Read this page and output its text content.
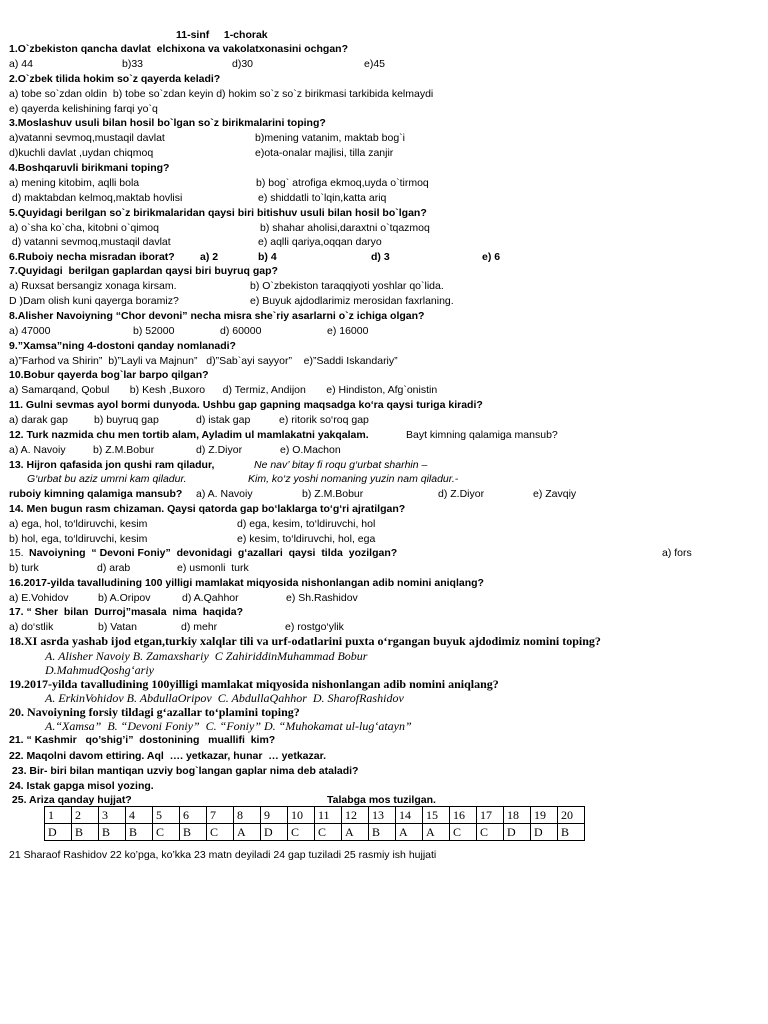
11-sinf     1-chorak
1.O`zbekiston qancha davlat  elchixona va vakolatxonasini ochgan?
a) 44	b)33	d)30	e)45
2.O`zbek tilida hokim so`z qayerda keladi?
a) tobe so`zdan oldin  b) tobe so`zdan keyin d) hokim so`z so`z birikmasi tarkibida kelmaydi
e) qayerda kelishining farqi yo`q
3.Moslashuv usuli bilan hosil bo`lgan so`z birikmalarini toping?
a)vatanni sevmoq,mustaqil davlat	b)mening vatanim, maktab bog`i
d)kuchli davlat ,uydan chiqmoq	e)ota-onalar majlisi, tilla zanjir
4.Boshqaruvli birikmani toping?
a) mening kitobim, aqlli bola	b) bog` atrofiga ekmoq,uyda o`tirmoq
d) maktabdan kelmoq,maktab hovlisi	e) shiddatli to`lqin,katta ariq
5.Quyidagi berilgan so`z birikmalaridan qaysi biri bitishuv usuli bilan hosil bo`lgan?
a) o`sha ko`cha, kitobni o`qimoq	b) shahar aholisi,daraxtni o`tqazmoq
d) vatanni sevmoq,mustaqil davlat	e) aqlli qariya,oqqan daryo
6.Ruboiy necha misradan iborat? a) 2	b) 4	d) 3	e) 6
7.Quyidagi  berilgan gaplardan qaysi biri buyruq gap?
a) Ruxsat bersangiz xonaga kirsam.	b) O`zbekiston taraqqiyoti yoshlar qo`lida.
D )Dam olish kuni qayerga boramiz?	e) Buyuk ajdodlarimiz merosidan faxrlaning.
8.Alisher Navoiyning “Chor devoni” necha misra she`riy asarlarni o`z ichiga olgan?
a) 47000	b) 52000	d) 60000	e) 16000
9.”Xamsa”ning 4-dostoni qanday nomlanadi?
a)”Farhod va Shirin”  b)”Layli va Majnun”   d)”Sab`ayi sayyor”    e)”Saddi Iskandariy”
10.Bobur qayerda bog`lar barpo qilgan?
a) Samarqand, Qobul       b) Kesh ,Buxoro      d) Termiz, Andijon       e) Hindiston, Afg`onistin
11. Gulni sevmas ayol bormi dunyoda. Ushbu gap gapning maqsadga ko‘ra qaysi turiga kiradi?
a) darak gap b) buyruq gap	d) istak gap	e) ritorik so‘roq gap
12. Turk nazmida chu men tortib alam, Ayladim ul mamlakatni yakqalam.	Bayt kimning qalamiga mansub?
a) A. Navoiy	b) Z.M.Bobur	d) Z.Diyor	e) O.Machon
13. Hijron qafasida jon qushi ram qiladur,	Ne nav’ bitay fi roqu g‘urbat sharhin –
G‘urbat bu aziz umrni kam qiladur.	Kim, ko‘z yoshi nomaning yuzin nam qiladur.-
ruboiy kimning qalamiga mansub? a) A. Navoiy	b) Z.M.Bobur	d) Z.Diyor	e) Zavqiy
14. Men bugun rasm chizaman. Qaysi qatorda gap bo‘laklarga to‘g‘ri ajratilgan?
a) ega, hol, to‘ldiruvchi, kesim	d) ega, kesim, to‘ldiruvchi, hol
b) hol, ega, to‘ldiruvchi, kesim	e) kesim, to‘ldiruvchi, hol, ega
15. Navoiyning  “ Devoni Foniy”  devonidagi  g‘azallari  qaysi  tilda  yozilgan?	a) fors
b) turk	d) arab	e) usmonli  turk
16.2017-yilda tavalludining 100 yilligi mamlakat miqyosida nishonlangan adib nomini aniqlang?
a) E.Vohidov	b) A.Oripov	d) A.Qahhor	e) Sh.Rashidov
17. “ Sher  bilan  Durroj”masala  nima  haqida?
a) do‘stlik	b) Vatan	d) mehr	e) rostgo‘ylik
18.XI asrda yashab ijod etgan,turkiy xalqlar tili va urf-odatlarini puxta o‘rgangan buyuk ajdodimiz nomini toping?
A. Alisher Navoiy B. Zamaxshariy  C ZahiriddinMuhammad Bobur
D.MahmudQoshg‘ariy
19.2017-yilda tavalludining 100yilligi mamlakat miqyosida nishonlangan adib nomini aniqlang?
A. ErkinVohidov B. AbdullaOripov  C. AbdullaQahhor  D. SharofRashidov
20. Navoiyning forsiy tildagi g‘azallar to‘plamini toping?
A.“Xamsa”  B. “Devoni Foniy”  C. “Foniy” D. “Muhokamat ul-lug‘atayn”
21. “ Kashmir   qo’shig’i”  dostonining   muallifi  kim?
22. Maqolni davom ettiring. Aql  …. yetkazar, hunar  … yetkazar.
23. Bir- biri bilan mantiqan uzviy bog`langan gaplar nima deb ataladi?
24. Istak gapga misol yozing.
25. Ariza qanday hujjat?	Talabga mos tuzilgan.
1	2	3	4	5	6	7	8	9	10	11	12	13	14	15	16	17	18	19	20
D	B	B	B	C	B	C	A	D	C	C	A	B	A	A	C	C	D	D	B
21 Sharaof Rashidov 22 ko’pga, ko’kka 23 matn deyiladi 24 gap tuziladi 25 rasmiy ish hujjati
